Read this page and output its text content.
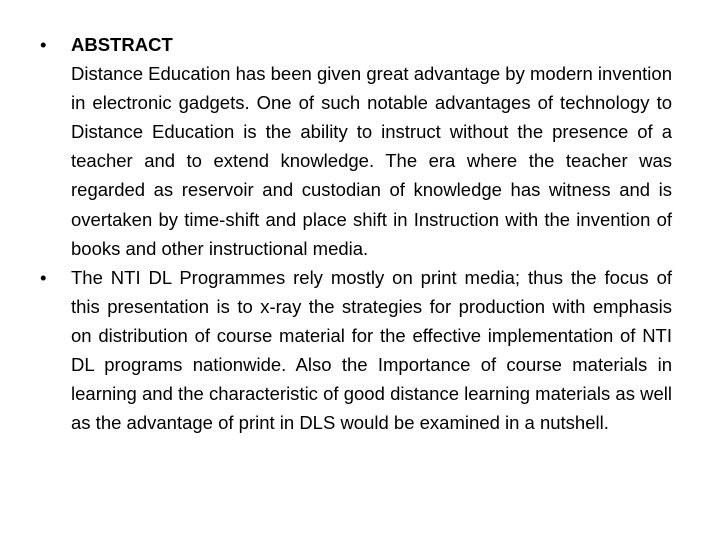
•	ABSTRACT
Distance Education has been given great advantage by modern invention in electronic gadgets. One of such notable advantages of technology to Distance Education is the ability to instruct without the presence of a teacher and to extend knowledge. The era where the teacher was regarded as reservoir and custodian of knowledge has witness and is overtaken by time-shift and place shift in Instruction with the invention of books and other instructional media.
•	The NTI DL Programmes rely mostly on print media; thus the focus of this presentation is to x-ray the strategies for production with emphasis on distribution of course material for the effective implementation of NTI DL programs nationwide. Also the Importance of course materials in learning and the characteristic of good distance learning materials as well as the advantage of print in DLS would be examined in a nutshell.
